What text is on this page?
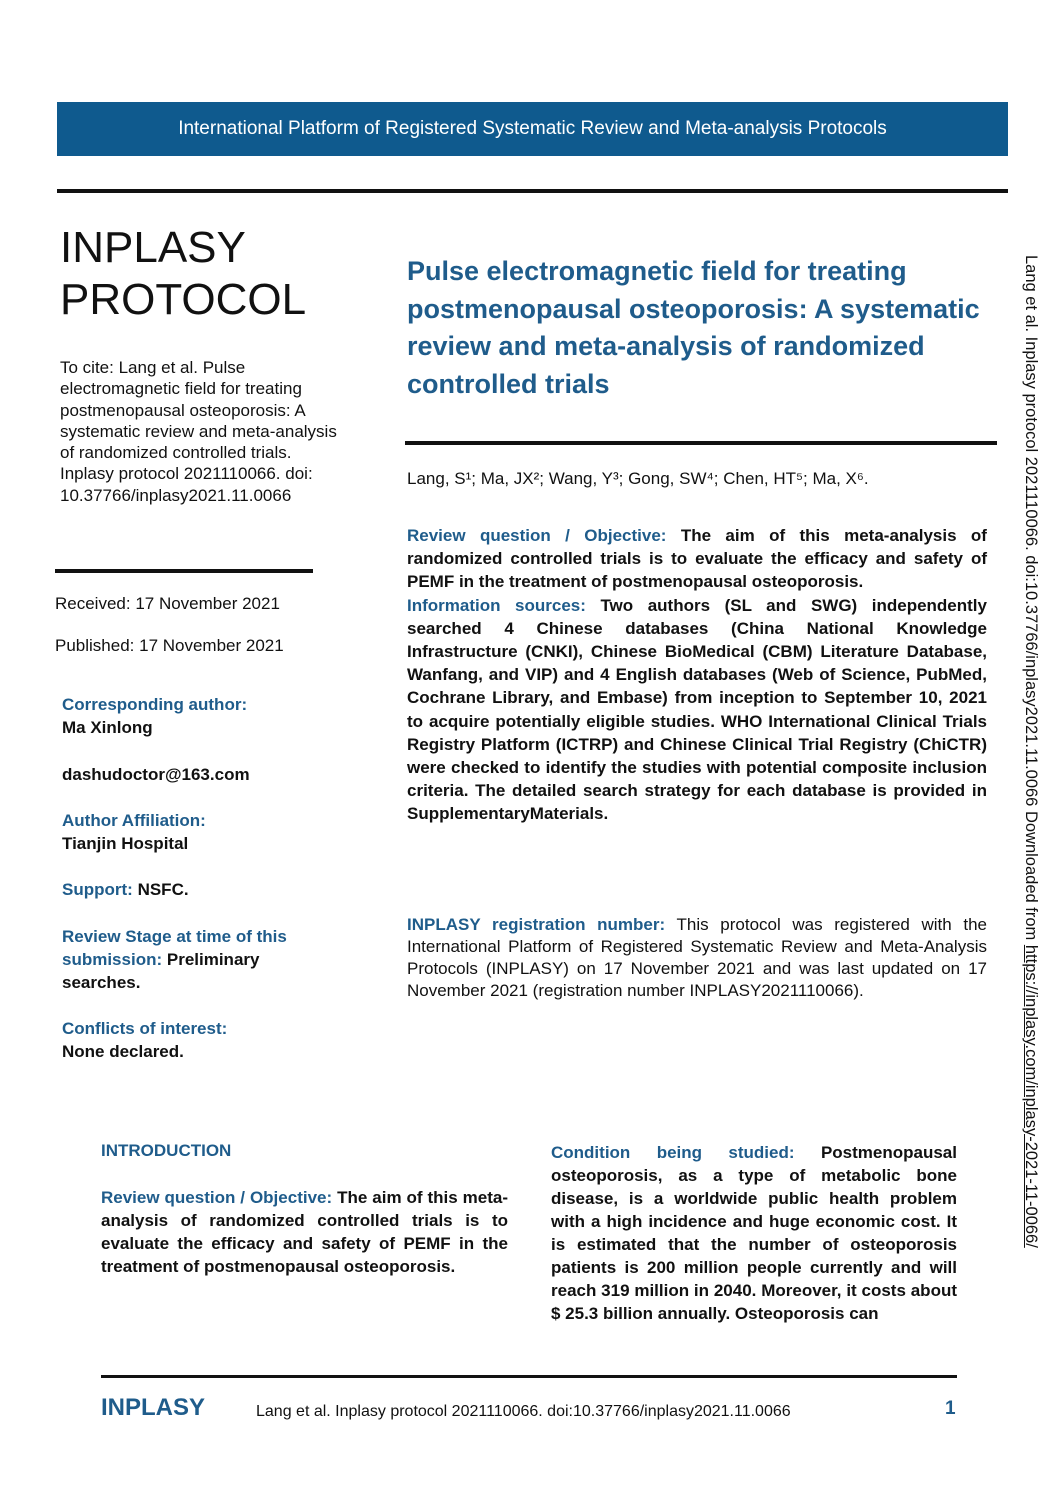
International Platform of Registered Systematic Review and Meta-analysis Protocols
INPLASY
PROTOCOL
To cite: Lang et al. Pulse electromagnetic field for treating postmenopausal osteoporosis: A systematic review and meta-analysis of randomized controlled trials. Inplasy protocol 2021110066. doi: 10.37766/inplasy2021.11.0066
Received: 17 November 2021
Published: 17 November 2021
Corresponding author:
Ma Xinlong
dashudoctor@163.com
Author Affiliation:
Tianjin Hospital
Support: NSFC.
Review Stage at time of this submission: Preliminary searches.
Conflicts of interest:
None declared.
Pulse electromagnetic field for treating postmenopausal osteoporosis: A systematic review and meta-analysis of randomized controlled trials
Lang, S¹; Ma, JX²; Wang, Y³; Gong, SW⁴; Chen, HT⁵; Ma, X⁶.
Review question / Objective: The aim of this meta-analysis of randomized controlled trials is to evaluate the efficacy and safety of PEMF in the treatment of postmenopausal osteoporosis.
Information sources: Two authors (SL and SWG) independently searched 4 Chinese databases (China National Knowledge Infrastructure (CNKI), Chinese BioMedical (CBM) Literature Database, Wanfang, and VIP) and 4 English databases (Web of Science, PubMed, Cochrane Library, and Embase) from inception to September 10, 2021 to acquire potentially eligible studies. WHO International Clinical Trials Registry Platform (ICTRP) and Chinese Clinical Trial Registry (ChiCTR) were checked to identify the studies with potential composite inclusion criteria. The detailed search strategy for each database is provided in SupplementaryMaterials.
INPLASY registration number: This protocol was registered with the International Platform of Registered Systematic Review and Meta-Analysis Protocols (INPLASY) on 17 November 2021 and was last updated on 17 November 2021 (registration number INPLASY2021110066).
INTRODUCTION
Review question / Objective: The aim of this meta-analysis of randomized controlled trials is to evaluate the efficacy and safety of PEMF in the treatment of postmenopausal osteoporosis.
Condition being studied: Postmenopausal osteoporosis, as a type of metabolic bone disease, is a worldwide public health problem with a high incidence and huge economic cost. It is estimated that the number of osteoporosis patients is 200 million people currently and will reach 319 million in 2040. Moreover, it costs about $ 25.3 billion annually. Osteoporosis can
INPLASY	Lang et al. Inplasy protocol 2021110066. doi:10.37766/inplasy2021.11.0066	1
Lang et al. Inplasy protocol 2021110066. doi:10.37766/inplasy2021.11.0066 Downloaded from https://inplasy.com/inplasy-2021-11-0066/
